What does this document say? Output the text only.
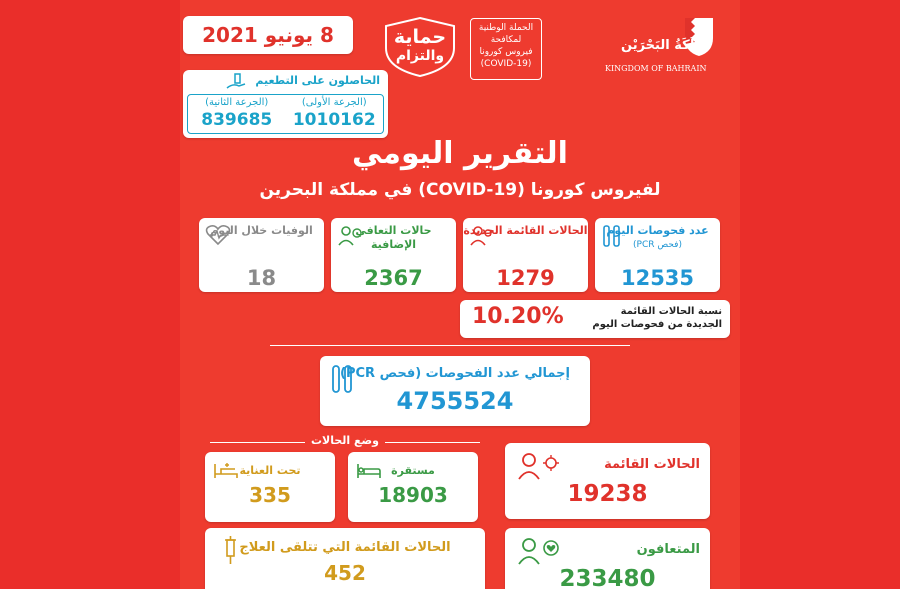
8 يونيو 2021	حماية
والتزام
الحملة الوطنية
لمكافحة
فيروس كورونا
(COVID-19)
مَمْلَكَةُ البَحْرَيْن
KINGDOM OF BAHRAIN
الحاصلون على التطعيم
(الجرعة الأولى)
1010162
(الجرعة الثانية)
839685
التقرير اليومي
لفيروس كورونا (COVID-19) في مملكة البحرين
عدد فحوصات اليوم
(فحص PCR)
12535
الحالات القائمة الجديدة
1279
حالات التعافي الإضافية
2367
الوفيات خلال اليوم
18
نسبة الحالات القائمة الجديدة من فحوصات اليوم
10.20%
إجمالي عدد الفحوصات (فحص PCR)
4755524
وضع الحالات
مستقرة
18903
تحت العناية
335
الحالات القائمة
19238
المتعافون
233480
الحالات القائمة التي تتلقى العلاج
452
